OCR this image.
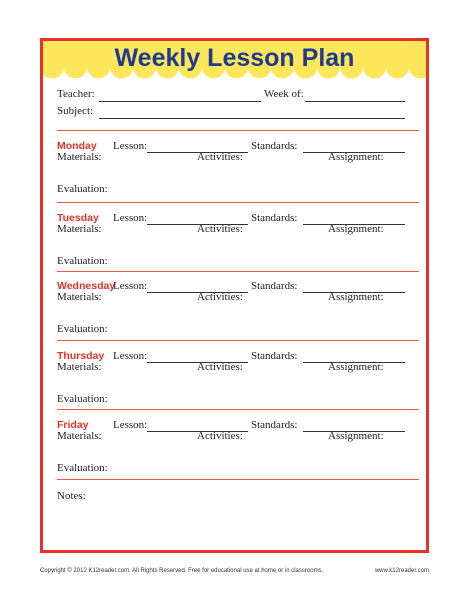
Weekly Lesson Plan
Teacher:	Week of:
Subject:
Monday Lesson:	Standards:
Materials:	Activities:	Assignment:
Evaluation:
Tuesday Lesson:	Standards:
Materials:	Activities:	Assignment:
Evaluation:
Wednesday
Lesson:	Standards:
Materials:	Activities:	Assignment:
Evaluation:
Thursday Lesson:	Standards:
Materials:	Activities:	Assignment:
Evaluation:
Friday Lesson:	Standards:
Materials:	Activities:	Assignment:
Evaluation:
Notes:
Copyright © 2012 K12reader.com. All Rights Reserved. Free for educational use at home or in classrooms.	www.k12reader.com
